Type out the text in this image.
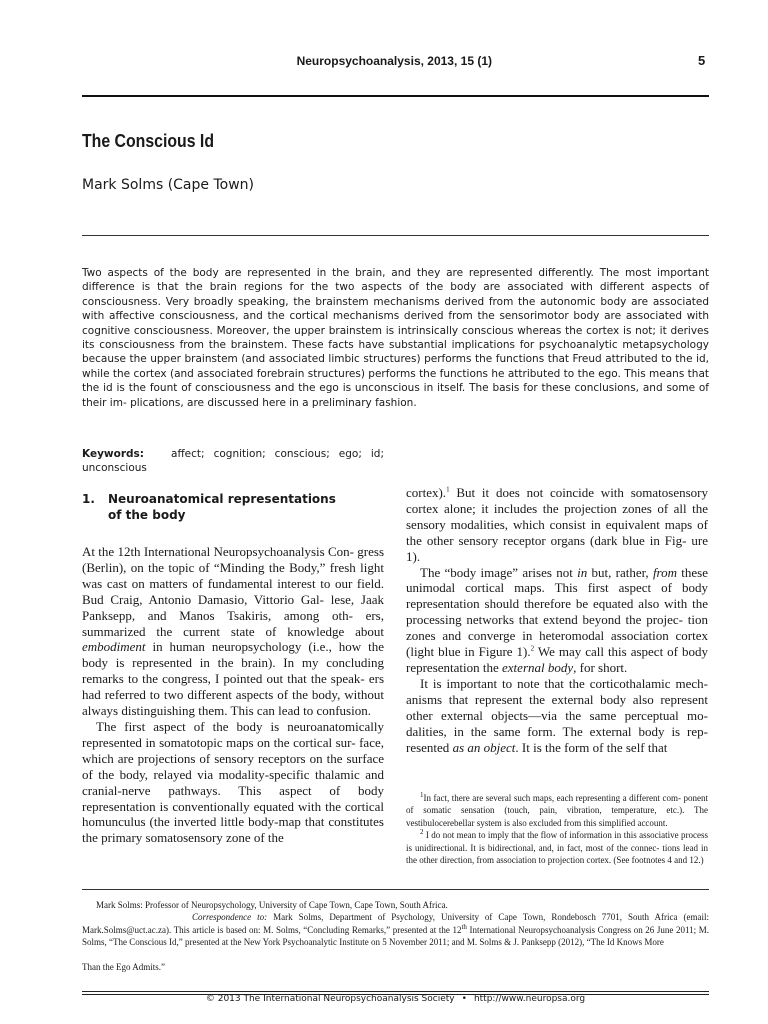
Neuropsychoanalysis, 2013, 15 (1)	5
The Conscious Id
Mark Solms (Cape Town)

Two aspects of the body are represented in the brain, and they are represented differently. The most important difference is that the brain regions for the two aspects of the body are associated with different aspects of consciousness. Very broadly speaking, the brainstem mechanisms derived from the autonomic body are associated with affective consciousness, and the cortical mechanisms derived from the sensorimotor body are associated with cognitive consciousness. Moreover, the upper brainstem is intrinsically conscious whereas the cortex is not; it derives its consciousness from the brainstem. These facts have substantial implications for psychoanalytic metapsychology because the upper brainstem (and associated limbic structures) performs the functions that Freud attributed to the id, while the cortex (and associated forebrain structures) performs the functions he attributed to the ego. This means that the id is the fount of consciousness and the ego is unconscious in itself. The basis for these conclusions, and some of their im- plications, are discussed here in a preliminary fashion.

Keywords:	affect; cognition; conscious; ego; id; unconscious

1. Neuroanatomical representations
of the body

At the 12th International Neuropsychoanalysis Con- gress (Berlin), on the topic of “Minding the Body,” fresh light was cast on matters of fundamental interest to our field. Bud Craig, Antonio Damasio, Vittorio Gal- lese, Jaak Panksepp, and Manos Tsakiris, among oth- ers, summarized the current state of knowledge about embodiment in human neuropsychology (i.e., how the body is represented in the brain). In my concluding remarks to the congress, I pointed out that the speak- ers had referred to two different aspects of the body, without always distinguishing them. This can lead to confusion.

The first aspect of the body is neuroanatomically represented in somatotopic maps on the cortical sur- face, which are projections of sensory receptors on the surface of the body, relayed via modality-specific thalamic and cranial-nerve pathways. This aspect of body representation is conventionally equated with the cortical homunculus (the inverted little body-map that constitutes the primary somatosensory zone of the

cortex).$^1$ But it does not coincide with somatosensory cortex alone; it includes the projection zones of all the sensory modalities, which consist in equivalent maps of the other sensory receptor organs (dark blue in Fig- ure 1).

The “body image” arises not in but, rather, from these unimodal cortical maps. This first aspect of body representation should therefore be equated also with the processing networks that extend beyond the projec- tion zones and converge in heteromodal association cortex (light blue in Figure 1).$^2$ We may call this aspect of body representation the external body, for short.

It is important to note that the corticothalamic mech- anisms that represent the external body also represent other external objects—via the same perceptual mo- dalities, in the same form. The external body is rep- resented as an object. It is the form of the self that

$^1$In fact, there are several such maps, each representing a different com- ponent of somatic sensation (touch, pain, vibration, temperature, etc.). The vestibulocerebellar system is also excluded from this simplified account.

$^2$ I do not mean to imply that the flow of information in this associative process is unidirectional. It is bidirectional, and, in fact, most of the connec- tions lead in the other direction, from association to projection cortex. (See footnotes 4 and 12.)

Mark Solms: Professor of Neuropsychology, University of Cape Town, Cape Town, South Africa.
Correspondence to: Mark Solms, Department of Psychology, University of Cape Town, Rondebosch 7701, South Africa (email: Mark.Solms@uct.ac.za). This article is based on: M. Solms, “Concluding Remarks,” presented at the 12th International Neuropsychoanalysis Congress on 26 June 2011; M. Solms, “The Conscious Id,” presented at the New York Psychoanalytic Institute on 5 November 2011; and M. Solms & J. Panksepp (2012), “The Id Knows More
Than the Ego Admits.”
© 2013 The International Neuropsychoanalysis Society • http://www.neuropsa.org
